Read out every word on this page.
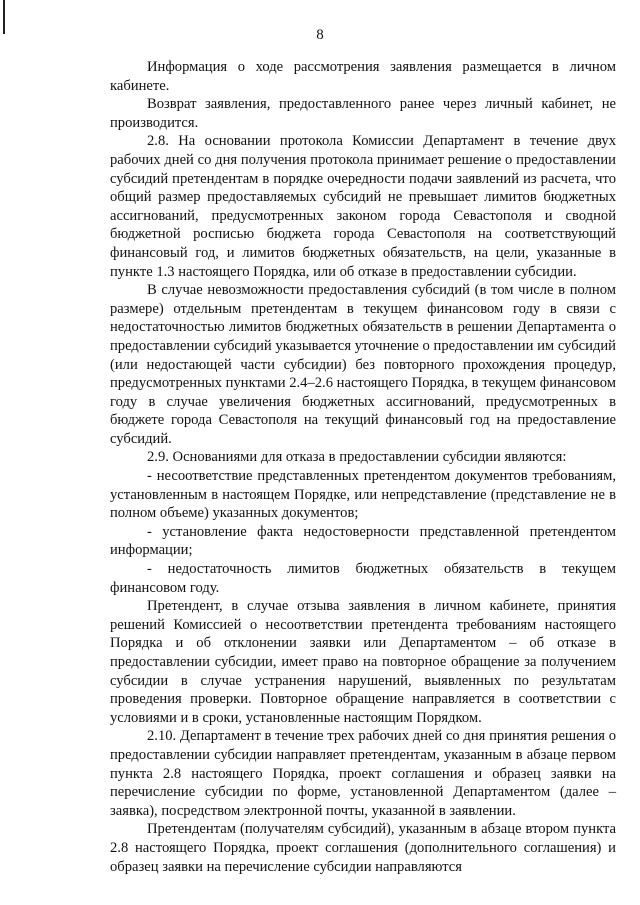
8

Информация о ходе рассмотрения заявления размещается в личном кабинете.

Возврат заявления, предоставленного ранее через личный кабинет, не производится.

2.8. На основании протокола Комиссии Департамент в течение двух рабочих дней со дня получения протокола принимает решение о предоставлении субсидий претендентам в порядке очередности подачи заявлений из расчета, что общий размер предоставляемых субсидий не превышает лимитов бюджетных ассигнований, предусмотренных законом города Севастополя и сводной бюджетной росписью бюджета города Севастополя на соответствующий финансовый год, и лимитов бюджетных обязательств, на цели, указанные в пункте 1.3 настоящего Порядка, или об отказе в предоставлении субсидии.

В случае невозможности предоставления субсидий (в том числе в полном размере) отдельным претендентам в текущем финансовом году в связи с недостаточностью лимитов бюджетных обязательств в решении Департамента о предоставлении субсидий указывается уточнение о предоставлении им субсидий (или недостающей части субсидии) без повторного прохождения процедур, предусмотренных пунктами 2.4–2.6 настоящего Порядка, в текущем финансовом году в случае увеличения бюджетных ассигнований, предусмотренных в бюджете города Севастополя на текущий финансовый год на предоставление субсидий.

2.9. Основаниями для отказа в предоставлении субсидии являются:

- несоответствие представленных претендентом документов требованиям, установленным в настоящем Порядке, или непредставление (представление не в полном объеме) указанных документов;

- установление факта недостоверности представленной претендентом информации;

- недостаточность лимитов бюджетных обязательств в текущем финансовом году.

Претендент, в случае отзыва заявления в личном кабинете, принятия решений Комиссией о несоответствии претендента требованиям настоящего Порядка и об отклонении заявки или Департаментом – об отказе в предоставлении субсидии, имеет право на повторное обращение за получением субсидии в случае устранения нарушений, выявленных по результатам проведения проверки. Повторное обращение направляется в соответствии с условиями и в сроки, установленные настоящим Порядком.

2.10. Департамент в течение трех рабочих дней со дня принятия решения о предоставлении субсидии направляет претендентам, указанным в абзаце первом пункта 2.8 настоящего Порядка, проект соглашения и образец заявки на перечисление субсидии по форме, установленной Департаментом (далее – заявка), посредством электронной почты, указанной в заявлении.

Претендентам (получателям субсидий), указанным в абзаце втором пункта 2.8 настоящего Порядка, проект соглашения (дополнительного соглашения) и образец заявки на перечисление субсидии направляются
